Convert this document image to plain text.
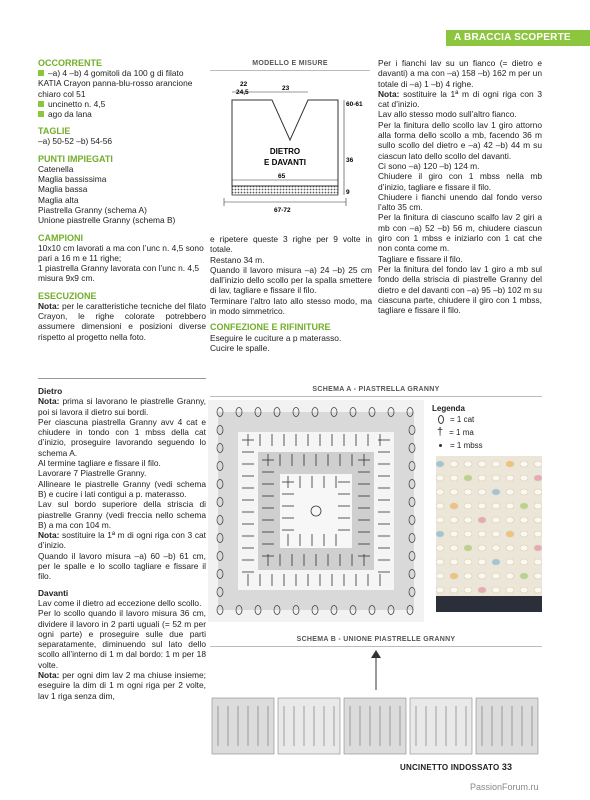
A BRACCIA SCOPERTE
OCCORRENTE

–a) 4 –b) 4 gomitoli da 100 g di filato KATIA Crayon panna-blu-rosso arancione chiaro col 51

uncinetto n. 4,5

ago da lana

TAGLIE
–a) 50-52 –b) 54-56
PUNTI IMPIEGATI

Catenella

Maglia bassissima

Maglia bassa

Maglia alta

Piastrella Granny (schema A)

Unione piastrelle Granny (schema B)

CAMPIONI

10x10 cm lavorati a ma con l’unc n. 4,5 sono pari a 16 m e 11 righe;

1 piastrella Granny lavorata con l’unc n. 4,5 misura 9x9 cm.

ESECUZIONE

Nota: per le caratteristiche tecniche del filato Crayon, le righe colorate potrebbero assumere dimensioni e posizioni diverse rispetto al progetto nella foto.

Dietro

Nota: prima si lavorano le piastrelle Granny, poi si lavora il dietro sui bordi.

Per ciascuna piastrella Granny avv 4 cat e chiudere in tondo con 1 mbss della cat d’inizio, proseguire lavorando seguendo lo schema A.

Al termine tagliare e fissare il filo.

Lavorare 7 Piastrelle Granny.

Allineare le piastrelle Granny (vedi schema B) e cucire i lati contigui a p. materasso.

Lav sul bordo superiore della striscia di piastrelle Granny (vedi freccia nello schema B) a ma con 104 m.

Nota: sostituire la 1ª m di ogni riga con 3 cat d’inizio.

Quando il lavoro misura –a) 60 –b) 61 cm, per le spalle e lo scollo tagliare e fissare il filo.

Davanti

Lav come il dietro ad eccezione dello scollo.

Per lo scollo quando il lavoro misura 36 cm, dividere il lavoro in 2 parti uguali (= 52 m per ogni parte) e proseguire sulle due parti separatamente, diminuendo sul lato dello scollo all’interno di 1 m dal bordo: 1 m per 18 volte.

Nota: per ogni dim lav 2 ma chiuse insieme; eseguire la dim di 1 m ogni riga per 2 volte, lav 1 riga senza dim,

MODELLO E MISURE
22
24,5
23
60-61
36
9
65
67-72
DIETRO
E DAVANTI

e ripetere queste 3 righe per 9 volte in totale.

Restano 34 m.

Quando il lavoro misura –a) 24 –b) 25 cm dall’inizio dello scollo per la spalla smettere di lav, tagliare e fissare il filo.

Terminare l’altro lato allo stesso modo, ma in modo simmetrico.

CONFEZIONE E RIFINITURE

Eseguire le cuciture a p materasso.

Cucire le spalle.

Per i fianchi lav su un fianco (= dietro e davanti) a ma con –a) 158 –b) 162 m per un totale di –a) 1 –b) 4 righe.

Nota: sostituire la 1ª m di ogni riga con 3 cat d’inizio.

Lav allo stesso modo sull’altro fianco.

Per la finitura dello scollo lav 1 giro attorno alla forma dello scollo a mb, facendo 36 m sullo scollo del dietro e –a) 42 –b) 44 m su ciascun lato dello scollo del davanti.

Ci sono –a) 120 –b) 124 m.

Chiudere il giro con 1 mbss nella mb d’inizio, tagliare e fissare il filo.

Chiudere i fianchi unendo dal fondo verso l’alto 35 cm.

Per la finitura di ciascuno scalfo lav 2 giri a mb con –a) 52 –b) 56 m, chiudere ciascun giro con 1 mbss e iniziarlo con 1 cat che non conta come m.

Tagliare e fissare il filo.

Per la finitura del fondo lav 1 giro a mb sul fondo della striscia di piastrelle Granny del dietro e del davanti con –a) 95 –b) 102 m su ciascuna parte, chiudere il giro con 1 mbss, tagliare e fissare il filo.

SCHEMA A - PIASTRELLA GRANNY
Legenda
= 1 cat
† = 1 ma
= 1 mbss
SCHEMA B - UNIONE PIASTRELLE GRANNY
UNCINETTO INDOSSATO 33
PassionForum.ru
